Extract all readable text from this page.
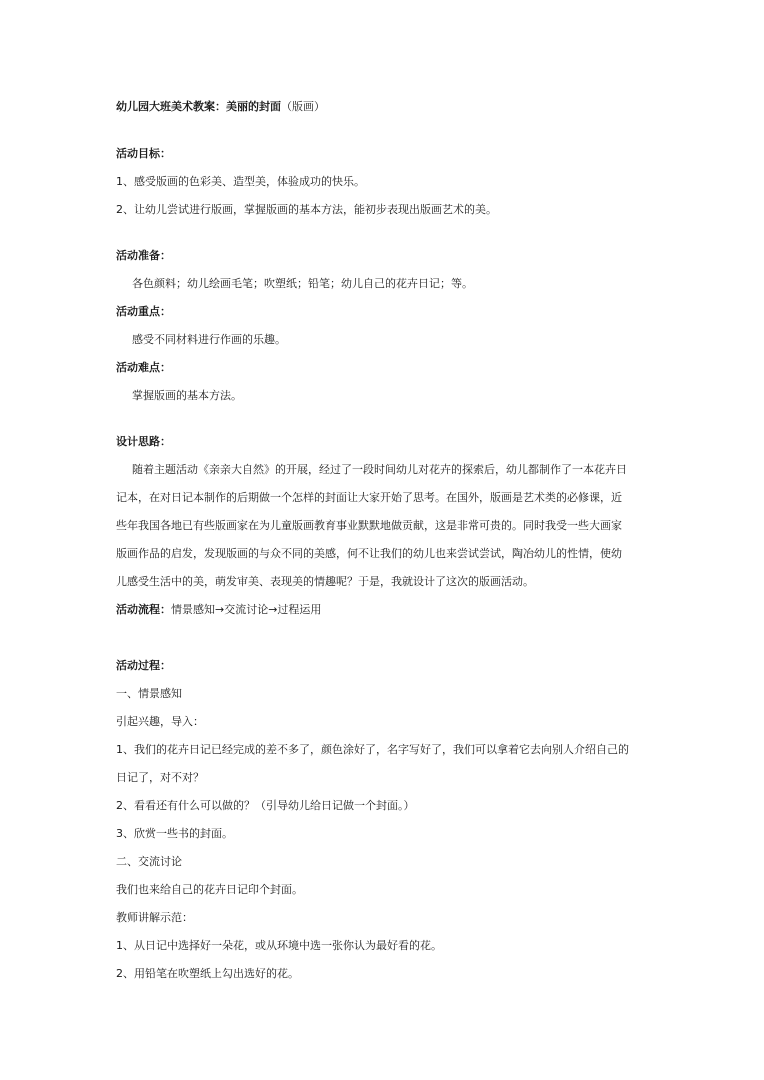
幼儿园大班美术教案：美丽的封面（版画）
活动目标：
1、感受版画的色彩美、造型美，体验成功的快乐。
2、让幼儿尝试进行版画，掌握版画的基本方法，能初步表现出版画艺术的美。
活动准备：
各色颜料；幼儿绘画毛笔；吹塑纸；铅笔；幼儿自己的花卉日记；等。
活动重点：
感受不同材料进行作画的乐趣。
活动难点：
掌握版画的基本方法。
设计思路：
随着主题活动《亲亲大自然》的开展，经过了一段时间幼儿对花卉的探索后，幼儿都制作了一本花卉日
记本，在对日记本制作的后期做一个怎样的封面让大家开始了思考。在国外，版画是艺术类的必修课，近
些年我国各地已有些版画家在为儿童版画教育事业默默地做贡献，这是非常可贵的。同时我受一些大画家
版画作品的启发，发现版画的与众不同的美感，何不让我们的幼儿也来尝试尝试，陶冶幼儿的性情，使幼
儿感受生活中的美，萌发审美、表现美的情趣呢？于是，我就设计了这次的版画活动。
活动流程：情景感知→交流讨论→过程运用
活动过程：
一、情景感知
引起兴趣，导入：
1、我们的花卉日记已经完成的差不多了，颜色涂好了，名字写好了，我们可以拿着它去向别人介绍自己的
日记了，对不对？
2、看看还有什么可以做的？（引导幼儿给日记做一个封面。）
3、欣赏一些书的封面。
二、交流讨论
我们也来给自己的花卉日记印个封面。
教师讲解示范：
1、从日记中选择好一朵花，或从环境中选一张你认为最好看的花。
2、用铅笔在吹塑纸上勾出选好的花。
